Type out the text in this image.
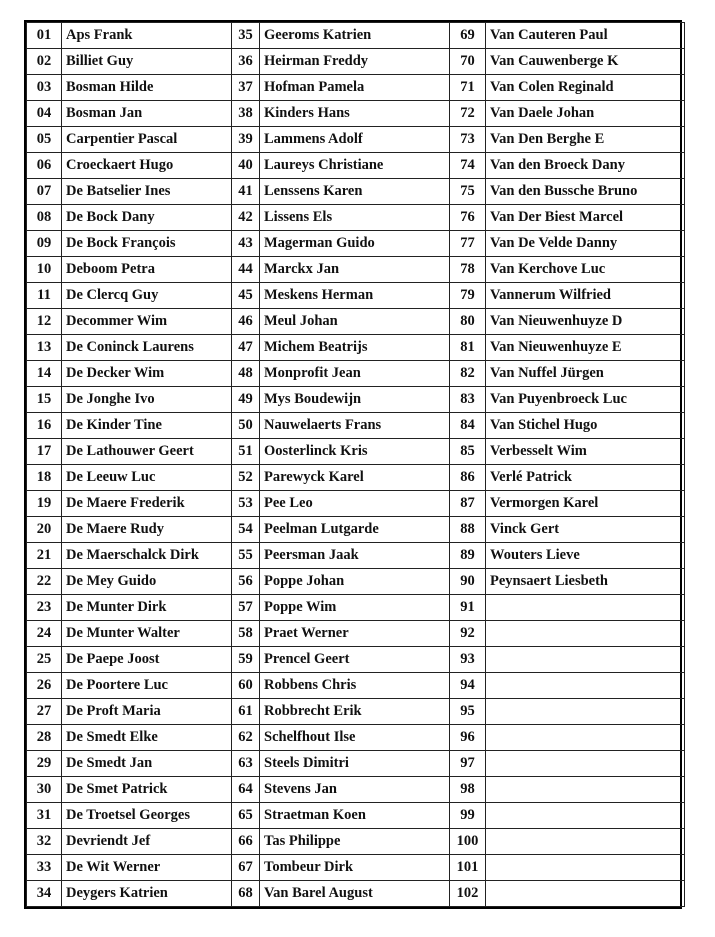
01	Aps Frank	35	Geeroms Katrien	69	Van Cauteren Paul
02	Billiet Guy	36	Heirman Freddy	70	Van Cauwenberge K
03	Bosman Hilde	37	Hofman Pamela	71	Van Colen Reginald
04	Bosman Jan	38	Kinders Hans	72	Van Daele Johan
05	Carpentier Pascal	39	Lammens Adolf	73	Van Den Berghe E
06	Croeckaert Hugo	40	Laureys Christiane	74	Van den Broeck Dany
07	De Batselier Ines	41	Lenssens Karen	75	Van den Bussche Bruno
08	De Bock Dany	42	Lissens Els	76	Van Der Biest Marcel
09	De Bock François	43	Magerman Guido	77	Van De Velde Danny
10	Deboom Petra	44	Marckx Jan	78	Van Kerchove Luc
11	De Clercq Guy	45	Meskens Herman	79	Vannerum Wilfried
12	Decommer Wim	46	Meul Johan	80	Van Nieuwenhuyze D
13	De Coninck Laurens	47	Michem Beatrijs	81	Van Nieuwenhuyze E
14	De Decker Wim	48	Monprofit Jean	82	Van Nuffel Jürgen
15	De Jonghe Ivo	49	Mys Boudewijn	83	Van Puyenbroeck Luc
16	De Kinder Tine	50	Nauwelaerts Frans	84	Van Stichel Hugo
17	De Lathouwer Geert	51	Oosterlinck Kris	85	Verbesselt Wim
18	De Leeuw Luc	52	Parewyck Karel	86	Verlé Patrick
19	De Maere Frederik	53	Pee Leo	87	Vermorgen Karel
20	De Maere Rudy	54	Peelman Lutgarde	88	Vinck Gert
21	De Maerschalck Dirk	55	Peersman Jaak	89	Wouters Lieve
22	De Mey Guido	56	Poppe Johan	90	Peynsaert Liesbeth
23	De Munter Dirk	57	Poppe Wim	91	
24	De Munter Walter	58	Praet Werner	92	
25	De Paepe Joost	59	Prencel Geert	93	
26	De Poortere Luc	60	Robbens Chris	94	
27	De Proft Maria	61	Robbrecht Erik	95	
28	De Smedt Elke	62	Schelfhout Ilse	96	
29	De Smedt Jan	63	Steels Dimitri	97	
30	De Smet Patrick	64	Stevens Jan	98	
31	De Troetsel Georges	65	Straetman Koen	99	
32	Devriendt Jef	66	Tas Philippe	100	
33	De Wit Werner	67	Tombeur Dirk	101	
34	Deygers Katrien	68	Van Barel August	102	
